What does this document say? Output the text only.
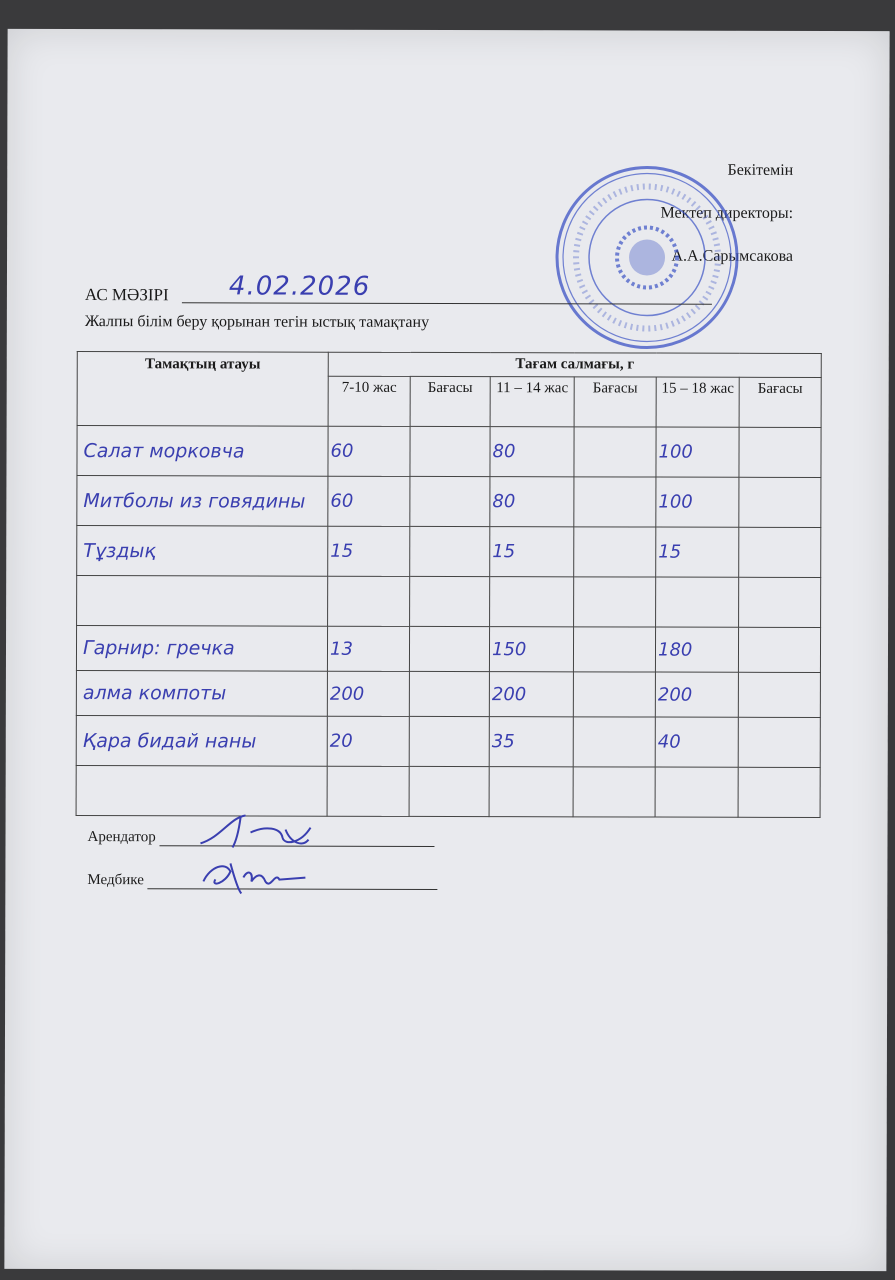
Бекітемін
Мектеп директоры:
А.А.Сарымсакова
АС МӘЗІРІ	4.02.2026
Жалпы білім беру қорынан тегін ыстық тамақтану
Тамақтың атауы	Тағам салмағы, г					
	7-10 жас	Бағасы	11 – 14 жас	Бағасы	15 – 18 жас	Бағасы
Салат морковча	60		80		100	
Митболы из говядины	60		80		100	
Тұздық	15		15		15	

Гарнир: гречка	13		150		180	
алма компоты	200		200		200	
Қара бидай наны	20		35		40	

Арендатор
Медбике
